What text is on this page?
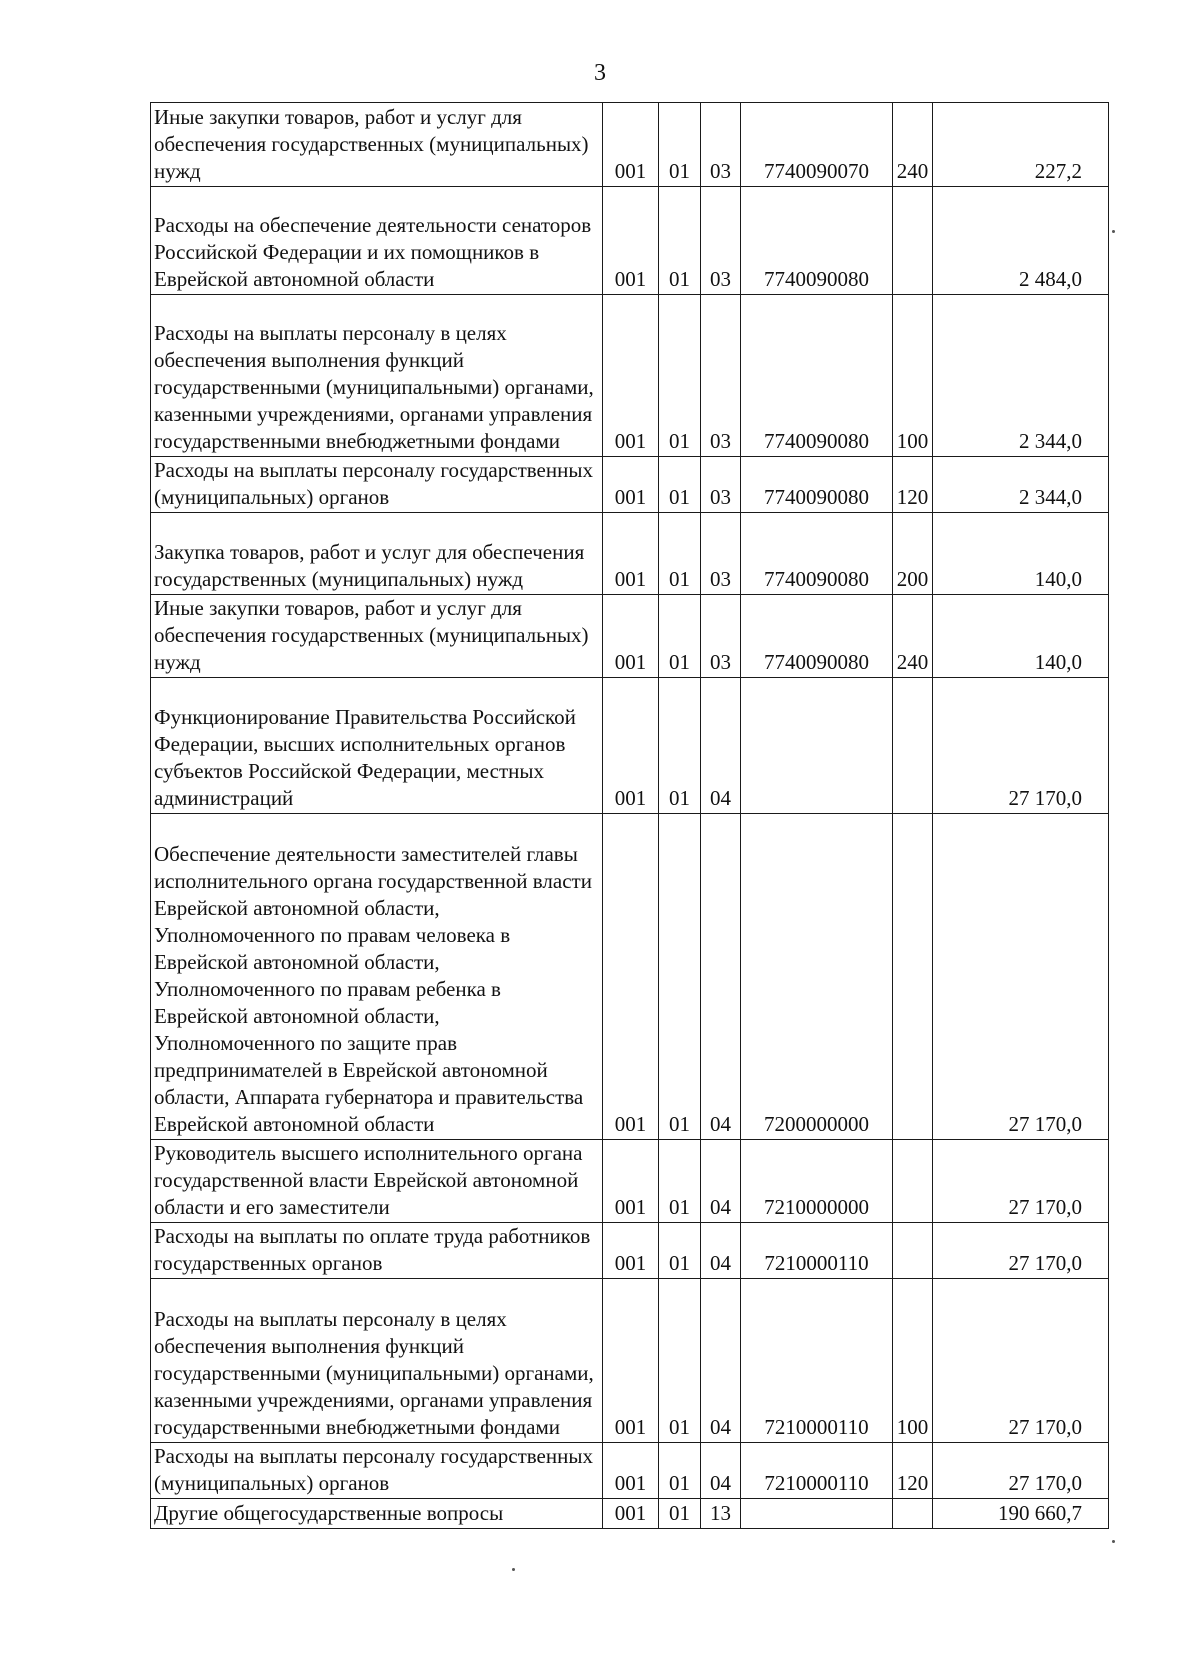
3
Иные закупки товаров, работ и услуг для обеспечения государственных (муниципальных) нужд	001	01	03	7740090070	240	227,2
Расходы на обеспечение деятельности сенаторов Российской Федерации и их помощников в Еврейской автономной области	001	01	03	7740090080		2 484,0
Расходы на выплаты персоналу в целях обеспечения выполнения функций государственными (муниципальными) органами, казенными учреждениями, органами управления государственными внебюджетными фондами	001	01	03	7740090080	100	2 344,0
Расходы на выплаты персоналу государственных (муниципальных) органов	001	01	03	7740090080	120	2 344,0
Закупка товаров, работ и услуг для обеспечения государственных (муниципальных) нужд	001	01	03	7740090080	200	140,0
Иные закупки товаров, работ и услуг для обеспечения государственных (муниципальных) нужд	001	01	03	7740090080	240	140,0
Функционирование Правительства Российской Федерации, высших исполнительных органов субъектов Российской Федерации, местных администраций	001	01	04			27 170,0
Обеспечение деятельности заместителей главы исполнительного органа государственной власти Еврейской автономной области, Уполномоченного по правам человека в Еврейской автономной области, Уполномоченного по правам ребенка в Еврейской автономной области, Уполномоченного по защите прав предпринимателей в Еврейской автономной области, Аппарата губернатора и правительства Еврейской автономной области	001	01	04	7200000000		27 170,0
Руководитель высшего исполнительного органа государственной власти Еврейской автономной области и его заместители	001	01	04	7210000000		27 170,0
Расходы на выплаты по оплате труда работников государственных органов	001	01	04	7210000110		27 170,0
Расходы на выплаты персоналу в целях обеспечения выполнения функций государственными (муниципальными) органами, казенными учреждениями, органами управления государственными внебюджетными фондами	001	01	04	7210000110	100	27 170,0
Расходы на выплаты персоналу государственных (муниципальных) органов	001	01	04	7210000110	120	27 170,0
Другие общегосударственные вопросы	001	01	13			190 660,7
